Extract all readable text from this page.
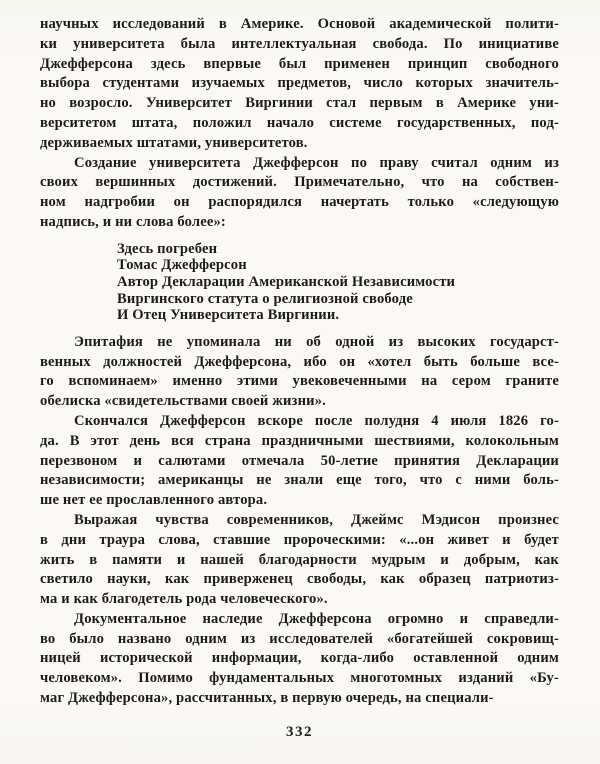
научных исследований в Америке. Основой академической полити-
ки университета была интеллектуальная свобода. По инициативе
Джефферсона здесь впервые был применен принцип свободного
выбора студентами изучаемых предметов, число которых значитель-
но возросло. Университет Виргинии стал первым в Америке уни-
верситетом штата, положил начало системе государственных, под-
держиваемых штатами, университетов.
Создание университета Джефферсон по праву считал одним из
своих вершинных достижений. Примечательно, что на собствен-
ном надгробии он распорядился начертать только «следующую
надпись, и ни слова более»:
Здесь погребен
Томас Джефферсон
Автор Декларации Американской Независимости
Виргинского статута о религиозной свободе
И Отец Университета Виргинии.
Эпитафия не упоминала ни об одной из высоких государст-
венных должностей Джефферсона, ибо он «хотел быть больше все-
го вспоминаем» именно этими увековеченными на сером граните
обелиска «свидетельствами своей жизни».
Скончался Джефферсон вскоре после полудня 4 июля 1826 го-
да. В этот день вся страна праздничными шествиями, колокольным
перезвоном и салютами отмечала 50-летие принятия Декларации
независимости; американцы не знали еще того, что с ними боль-
ше нет ее прославленного автора.
Выражая чувства современников, Джеймс Мэдисон произнес
в дни траура слова, ставшие пророческими: «...он живет и будет
жить в памяти и нашей благодарности мудрым и добрым, как
светило науки, как приверженец свободы, как образец патриотиз-
ма и как благодетель рода человеческого».
Документальное наследие Джефферсона огромно и справедли-
во было названо одним из исследователей «богатейшей сокровищ-
ницей исторической информации, когда-либо оставленной одним
человеком». Помимо фундаментальных многотомных изданий «Бу-
маг Джефферсона», рассчитанных, в первую очередь, на специали-
332
